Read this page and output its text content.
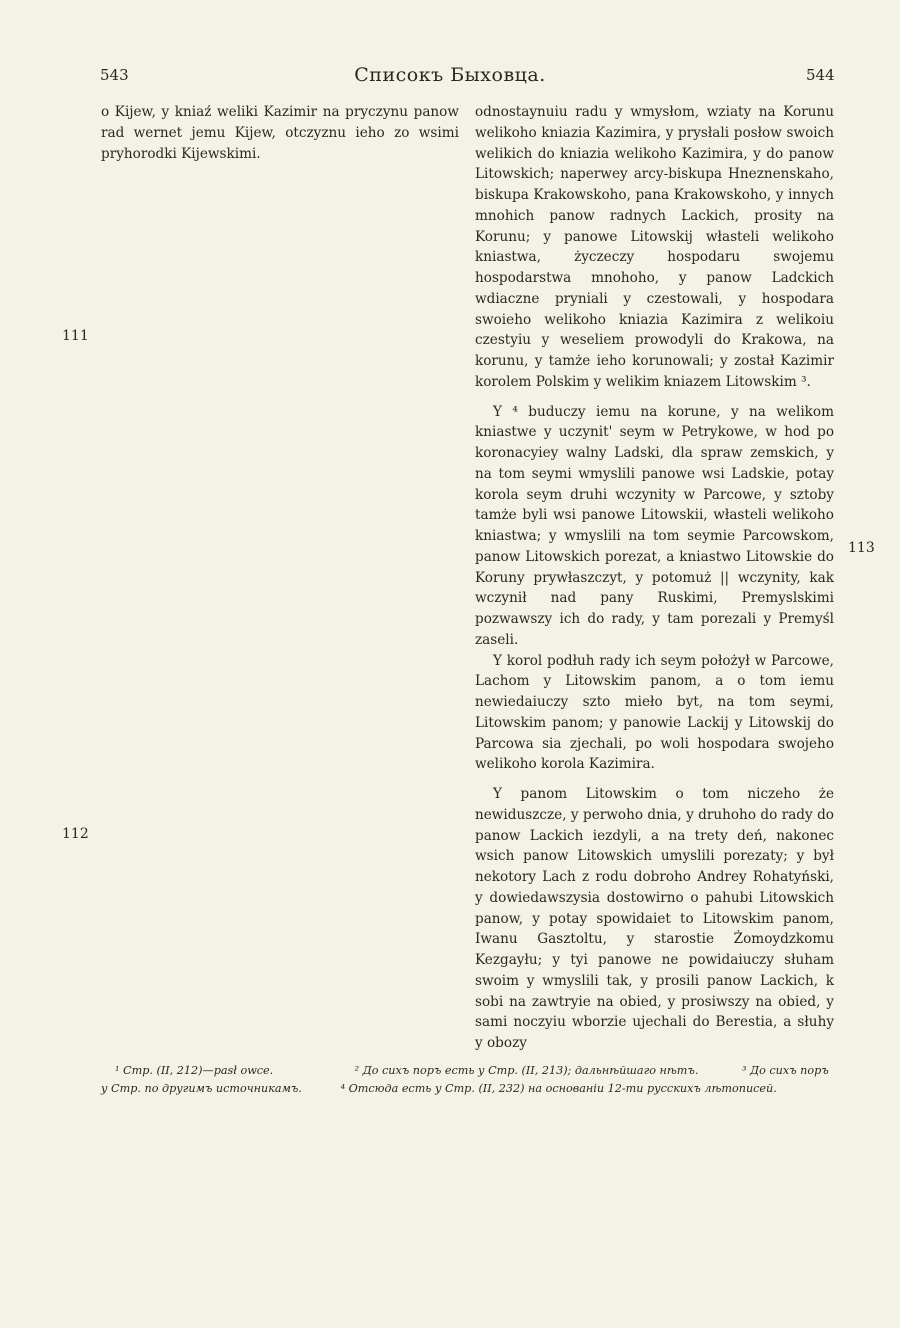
543	Списокъ Быховца.	544
111
112
113

o Kijew, y kniaź weliki Kazimir na pryczynu panow rad wernet jemu Kijew, otczyznu ieho zo wsimi pryhorodki Kijewskimi.

odnostaynuiu radu y wmysłom, wziaty na Korunu welikoho kniazia Kazimira, y prysłali posłow swoich welikich do kniazia welikoho Kazimira, y do panow Litowskich; naperwey arcy-biskupa Hneznenskaho, biskupa Krakowskoho, pana Krakowskoho, y innych mnohich panow radnych Lackich, prosity na Korunu; y panowe Litowskij własteli welikoho kniastwa, życzeczy hospodaru swojemu hospodarstwa mnohoho, y panow Ladckich wdiaczne pryniali y czestowali, y hospodara swoieho welikoho kniazia Kazimira z welikoiu czestyiu y weseliem prowodyli do Krakowa, na korunu, y tamże ieho korunowali; y został Kazimir korolem Polskim y welikim kniazem Litowskim ³.

Y ⁴ buduczy iemu na korune, y na welikom kniastwe y uczynit' seym w Petrykowe, w hod po koronacyiey walny Ladski, dla spraw zemskich, y na tom seymi wmyslili panowe wsi Ladskie, potay korola seym druhi wczynity w Parcowe, y sztoby tamże byli wsi panowe Litowskii, własteli welikoho kniastwa; y wmyslili na tom seymie Parcowskom, panow Litowskich porezat, a kniastwo Litowskie do Koruny prywłaszczyt, y potomuż || wczynity, kak wczynił nad pany Ruskimi, Premyslskimi pozwawszy ich do rady, y tam porezali y Premyśl zaseli.

Y korol podłuh rady ich seym położył w Parcowe, Lachom y Litowskim panom, a o tom iemu newiedaiuczy szto mieło byt, na tom seymi, Litowskim panom; y panowie Lackij y Litowskij do Parcowa sia zjechali, po woli hospodara swojeho welikoho korola Kazimira.

Y panom Litowskim o tom niczeho że newiduszcze, y perwoho dnia, y druhoho do rady do panow Lackich iezdyli, a na trety deń, nakonec wsich panow Litowskich umyslili porezaty; y był nekotory Lach z rodu dobroho Andrey Rohatyński, y dowiedawszysia dostowirno o pahubi Litowskich panow, y potay spowidaiet to Litowskim panom, Iwanu Gasztoltu, y starostie Żomoydzkomu Kezgayłu; y tyi panowe ne powidaiuczy słuham swoim y wmyslili tak, y prosili panow Lackich, k sobi na zawtryie na obied, y prosiwszy na obied, y sami noczyiu wborzie ujechali do Berestia, a słuhy y obozy

¹ Стр. (II, 212)—pasł owce.	² До сихъ поръ есть у Стр. (II, 213); дальнѣйшаго нѣтъ.	³ До сихъ поръ
у Стр. по другимъ источникамъ.	⁴ Отсюда есть у Стр. (II, 232) на основаніи 12-ти русскихъ лѣтописей.
